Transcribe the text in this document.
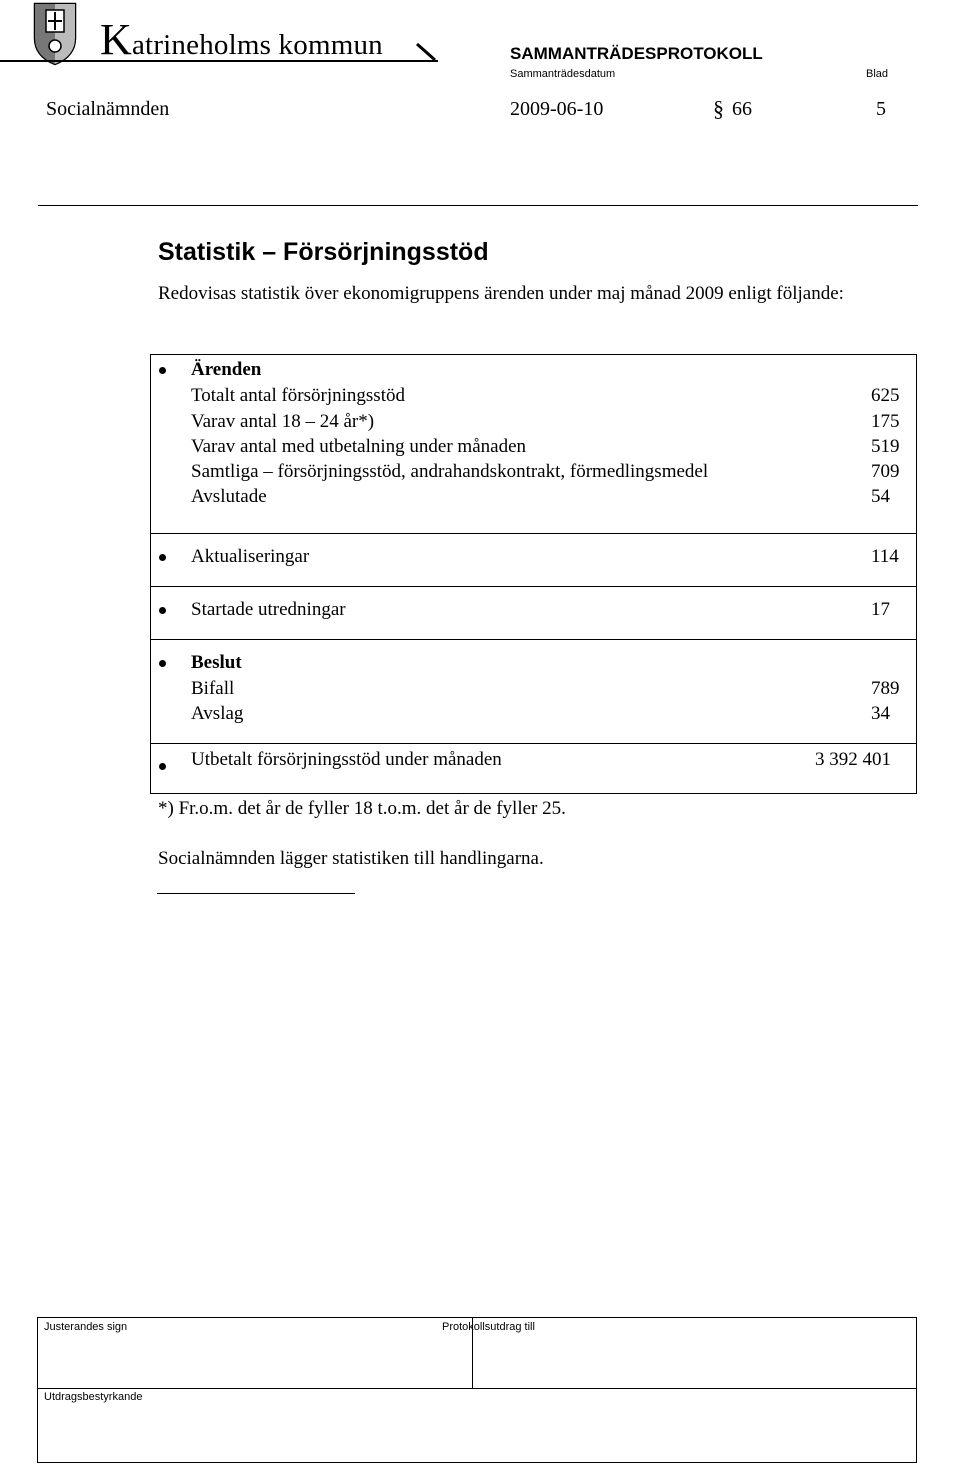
Katrineholms kommun	SAMMANTRÄDESPROTOKOLL
Sammanträdesdatum	Blad
Socialnämnden	2009-06-10	§ 66	5
Statistik – Försörjningsstöd
Redovisas statistik över ekonomigruppens ärenden under maj månad 2009 enligt följande:
Ärenden
Totalt antal försörjningsstöd	625
Varav antal 18 – 24 år*)	175
Varav antal med utbetalning under månaden	519
Samtliga – försörjningsstöd, andrahandskontrakt, förmedlingsmedel	709
Avslutade	54
Aktualiseringar	114
Startade utredningar	17
Beslut
Bifall	789
Avslag	34
Utbetalt försörjningsstöd under månaden	3 392 401
*) Fr.o.m. det år de fyller 18 t.o.m. det år de fyller 25.
Socialnämnden lägger statistiken till handlingarna.
Justerandes sign	Protokollsutdrag till
Utdragsbestyrkande
